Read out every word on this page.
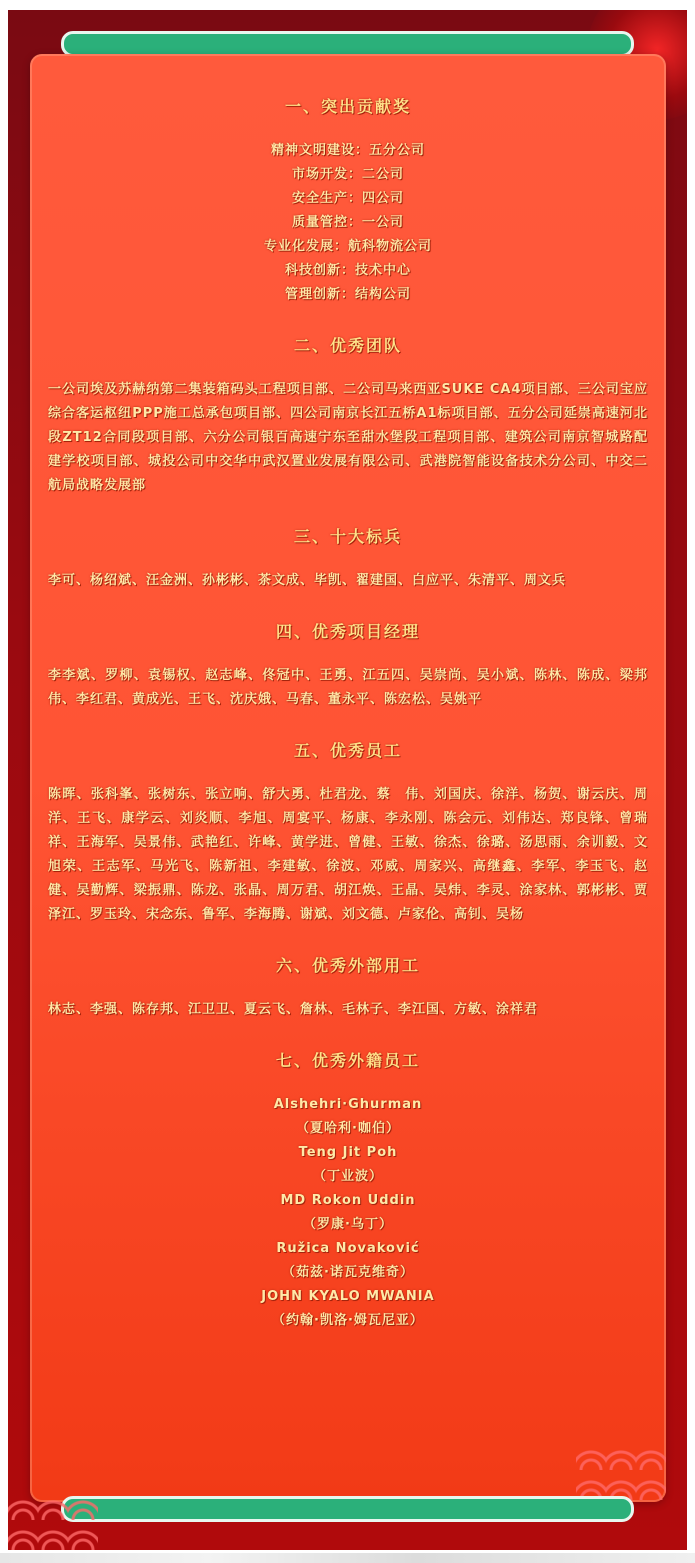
一、突出贡献奖
精神文明建设：五分公司
市场开发：二公司
安全生产：四公司
质量管控：一公司
专业化发展：航科物流公司
科技创新：技术中心
管理创新：结构公司
二、优秀团队

一公司埃及苏赫纳第二集装箱码头工程项目部、二公司马来西亚SUKE CA4项目部、三公司宝应综合客运枢纽PPP施工总承包项目部、四公司南京长江五桥A1标项目部、五分公司延崇高速河北段ZT12合同段项目部、六分公司银百高速宁东至甜水堡段工程项目部、建筑公司南京智城路配建学校项目部、城投公司中交华中武汉置业发展有限公司、武港院智能设备技术分公司、中交二航局战略发展部

三、十大标兵

李可、杨绍斌、汪金洲、孙彬彬、茶文成、毕凯、翟建国、白应平、朱清平、周文兵

四、优秀项目经理

李李斌、罗柳、袁锡权、赵志峰、佟冠中、王勇、江五四、吴崇尚、吴小斌、陈林、陈成、梁邦伟、李红君、黄成光、王飞、沈庆娥、马春、董永平、陈宏松、吴姚平

五、优秀员工

陈晖、张科峯、张树东、张立响、舒大勇、杜君龙、蔡　伟、刘国庆、徐洋、杨贺、谢云庆、周洋、王飞、康学云、刘炎顺、李旭、周宴平、杨康、李永刚、陈会元、刘伟达、郑良锋、曾瑞祥、王海军、吴景伟、武艳红、许峰、黄学进、曾健、王敏、徐杰、徐璐、汤思雨、余训毅、文旭荣、王志军、马光飞、陈新祖、李建敏、徐波、邓威、周家兴、高继鑫、李军、李玉飞、赵健、吴勤辉、梁振鼎、陈龙、张晶、周万君、胡江焕、王晶、吴炜、李灵、涂家林、郭彬彬、贾泽江、罗玉玲、宋念东、鲁军、李海腾、谢斌、刘文德、卢家伦、高钊、吴杨

六、优秀外部用工

林志、李强、陈存邦、江卫卫、夏云飞、詹林、毛林子、李江国、方敏、涂祥君

七、优秀外籍员工
Alshehri·Ghurman
（夏哈利·咖伯）
Teng Jit Poh
（丁业波）
MD Rokon Uddin
（罗康·乌丁）
Ružica Novaković
（茹兹·诺瓦克维奇）
JOHN KYALO MWANIA
（约翰·凯洛·姆瓦尼亚）
